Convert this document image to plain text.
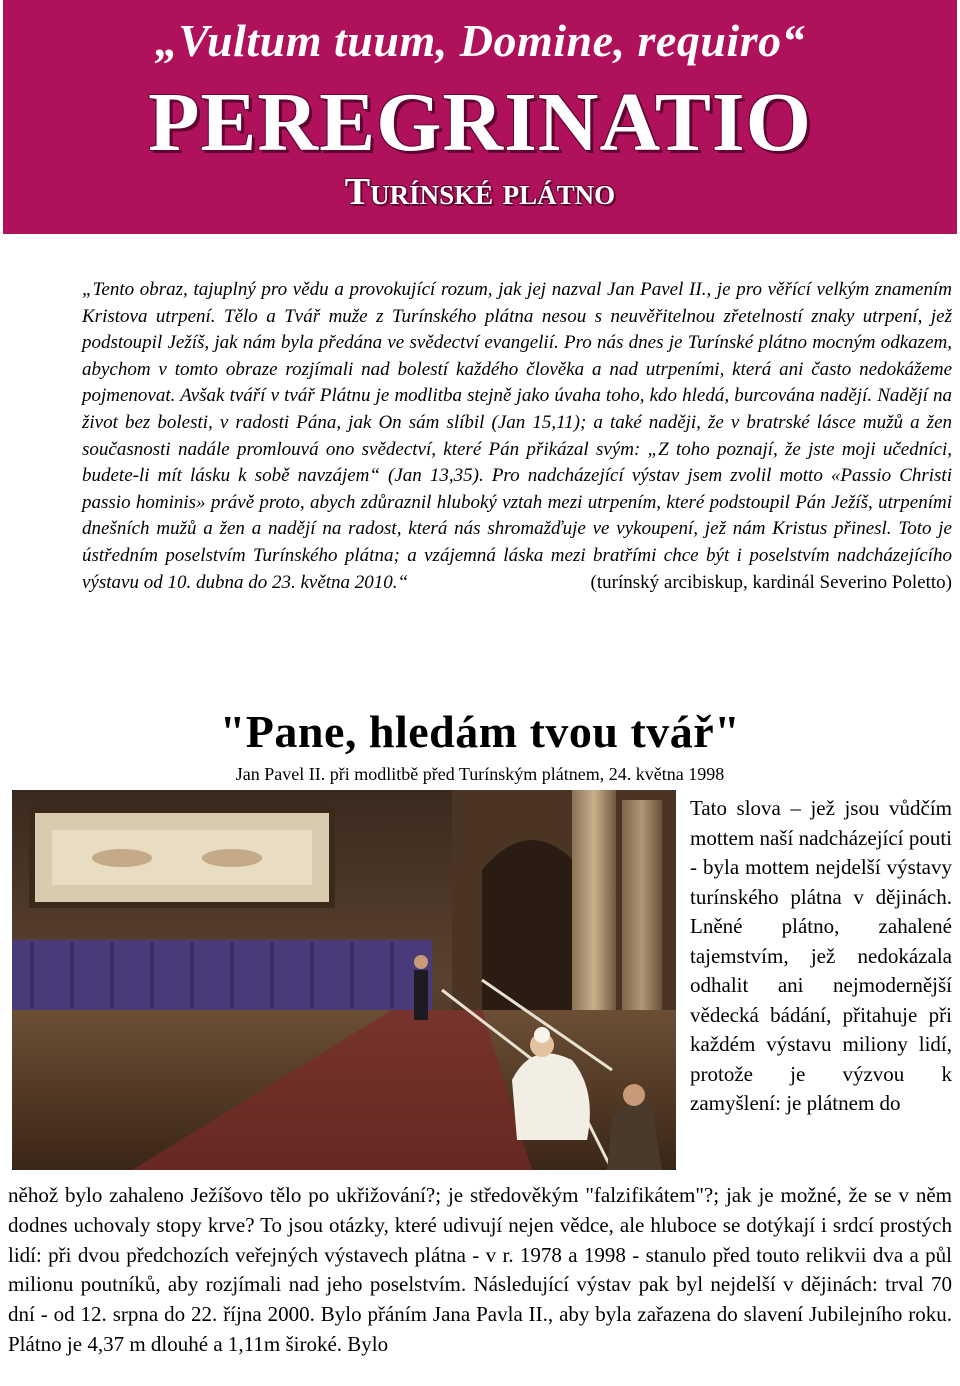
„Vultum tuum, Domine, requiro“
PEREGRINATIO
Turínské plátno
„Tento obraz, tajuplný pro vědu a provokující rozum, jak jej nazval Jan Pavel II., je pro věřící velkým znamením Kristova utrpení. Tělo a Tvář muže z Turínského plátna nesou s neuvěřitelnou zřetelností znaky utrpení, jež podstoupil Ježíš, jak nám byla předána ve svědectví evangelií. Pro nás dnes je Turínské plátno mocným odkazem, abychom v tomto obraze rozjímali nad bolestí každého člověka a nad utrpeními, která ani často nedokážeme pojmenovat. Avšak tváří v tvář Plátnu je modlitba stejně jako úvaha toho, kdo hledá, burcována nadějí. Nadějí na život bez bolesti, v radosti Pána, jak On sám slíbil (Jan 15,11); a také naději, že v bratrské lásce mužů a žen současnosti nadále promlouvá ono svědectví, které Pán přikázal svým: „Z toho poznají, že jste moji učedníci, budete-li mít lásku k sobě navzájem“ (Jan 13,35). Pro nadcházející výstav jsem zvolil motto «Passio Christi passio hominis» právě proto, abych zdůraznil hluboký vztah mezi utrpením, které podstoupil Pán Ježíš, utrpeními dnešních mužů a žen a nadějí na radost, která nás shromažďuje ve vykoupení, jež nám Kristus přinesl. Toto je ústředním poselstvím Turínského plátna; a vzájemná láska mezi bratřími chce být i poselstvím nadcházejícího výstavu od 10. dubna do 23. května 2010.“	(turínský arcibiskup, kardinál Severino Poletto)
"Pane, hledám tvou tvář"
Jan Pavel II. při modlitbě před Turínským plátnem, 24. května 1998
Tato slova – jež jsou vůdčím mottem naší nadcházející pouti - byla mottem nejdelší výstavy turínského plátna v dějinách. Lněné plátno, zahalené tajemstvím, jež nedokázala odhalit ani nejmodernější vědecká bádání, přitahuje při každém výstavu miliony lidí, protože je výzvou k zamyšlení: je plátnem do
něhož bylo zahaleno Ježíšovo tělo po ukřižování?; je středověkým "falzifikátem"?; jak je možné, že se v něm dodnes uchovaly stopy krve? To jsou otázky, které udivují nejen vědce, ale hluboce se dotýkají i srdcí prostých lidí: při dvou předchozích veřejných výstavech plátna - v r. 1978 a 1998 - stanulo před touto relikvii dva a půl milionu poutníků, aby rozjímali nad jeho poselstvím. Následující výstav pak byl nejdelší v dějinách: trval 70 dní - od 12. srpna do 22. října 2000. Bylo přáním Jana Pavla II., aby byla zařazena do slavení Jubilejního roku. Plátno je 4,37 m dlouhé a 1,11m široké. Bylo
